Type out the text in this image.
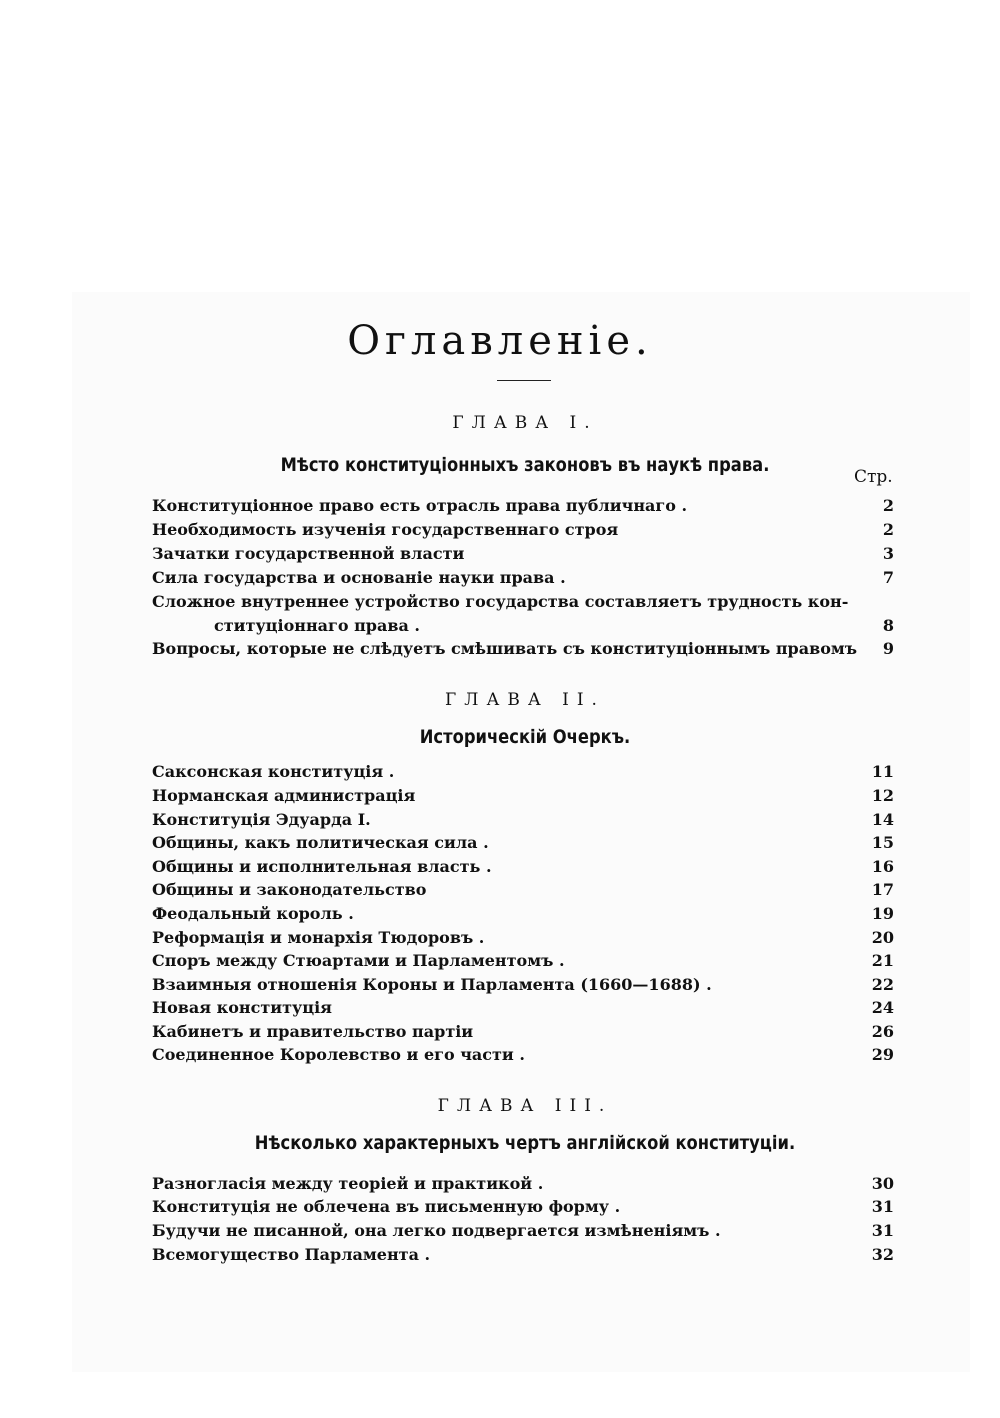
Оглавленіе.
ГЛАВА I.
Мѣсто конституціонныхъ законовъ въ наукѣ права.
Стр.
Конституціонное право есть отрасль права публичнаго .	2
Необходимость изученія государственнаго строя	2
Зачатки государственной власти	3
Сила государства и основаніе науки права .	7
Сложное внутреннее устройство государства составляетъ трудность кон-
ституціоннаго права .	8
Вопросы, которые не слѣдуетъ смѣшивать съ конституціоннымъ правомъ 9
ГЛАВА II.
Историческій Очеркъ.
Саксонская конституція .	11
Норманская администрація	12
Конституція Эдуарда I.	14
Общины, какъ политическая сила .	15
Общины и исполнительная власть .	16
Общины и законодательство	17
Феодальный король .	19
Реформація и монархія Тюдоровъ .	20
Споръ между Стюартами и Парламентомъ .	21
Взаимныя отношенія Короны и Парламента (1660—1688) .	22
Новая конституція	24
Кабинетъ и правительство партіи	26
Соединенное Королевство и его части .	29
ГЛАВА III.
Нѣсколько характерныхъ чертъ англійской конституціи.
Разногласія между теоріей и практикой .	30
Конституція не облечена въ письменную форму .	31
Будучи не писанной, она легко подвергается измѣненіямъ .	31
Всемогущество Парламента .	32
